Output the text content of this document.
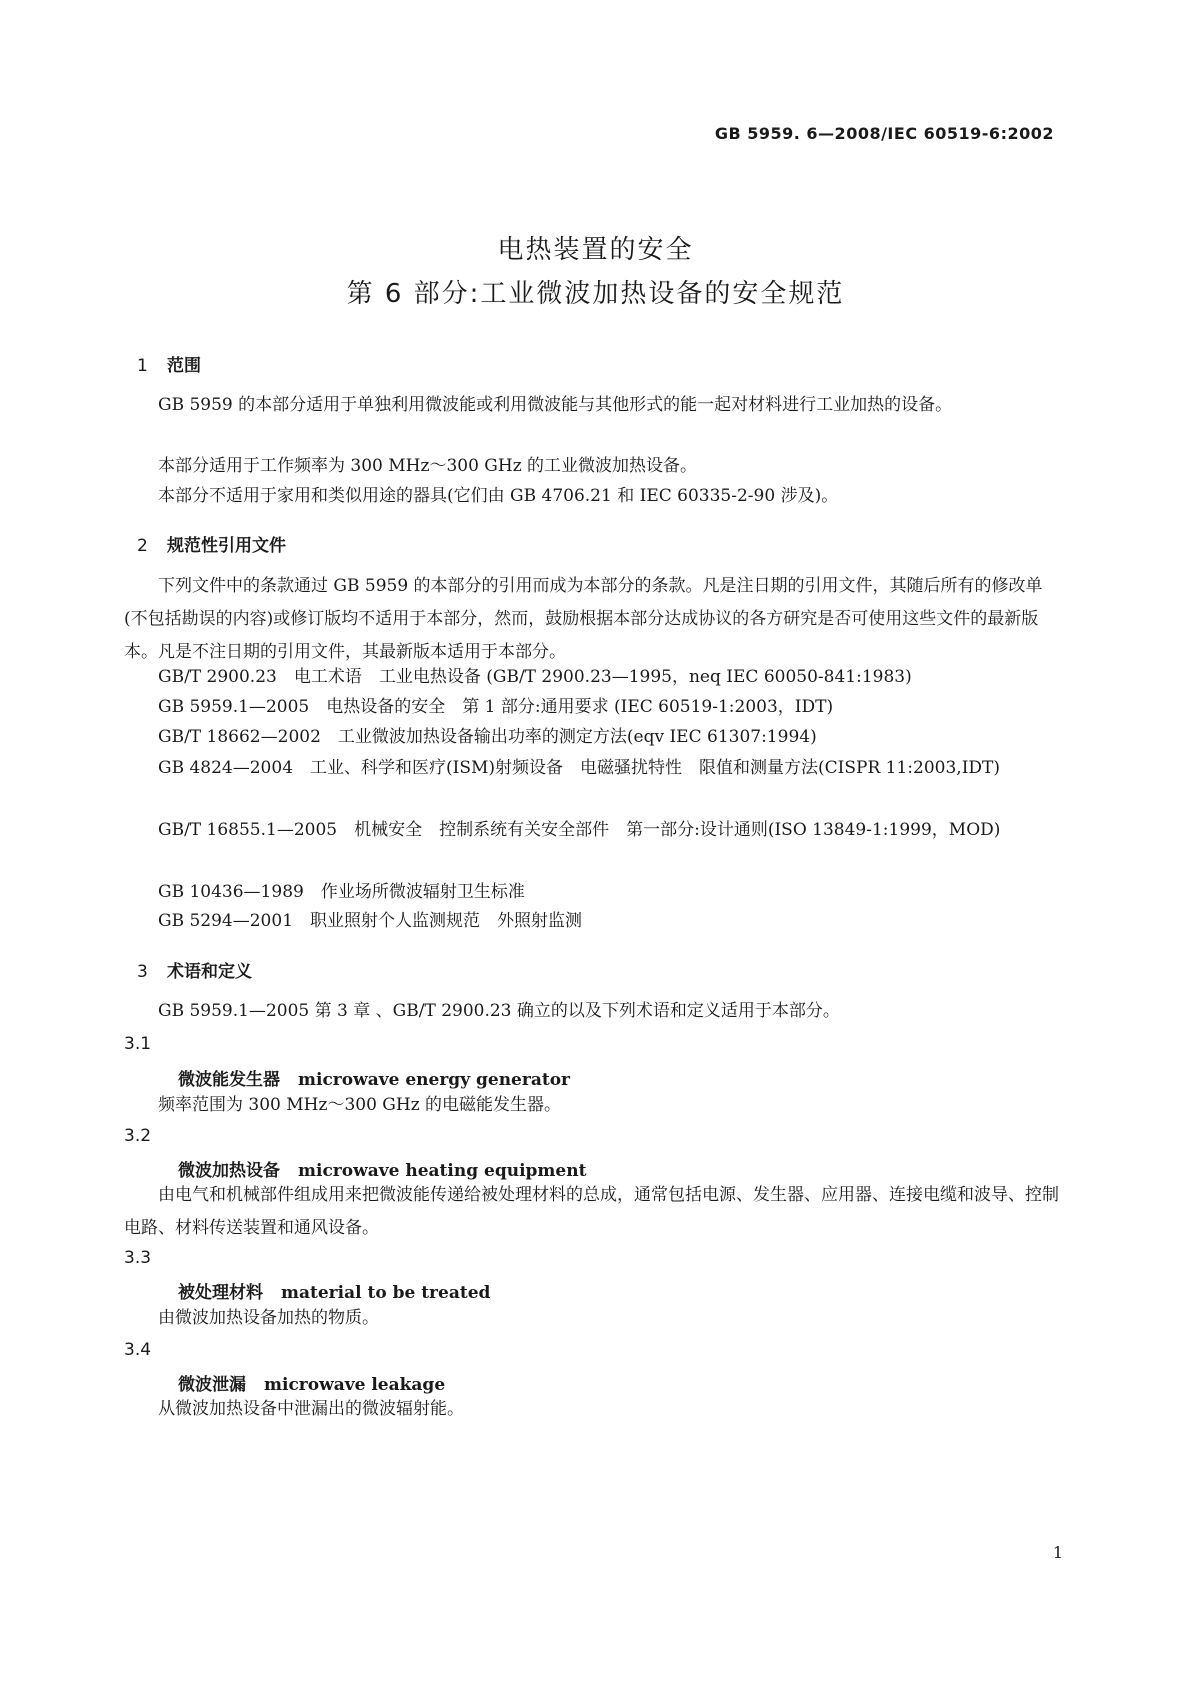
GB 5959. 6—2008/IEC 60519-6:2002
电热装置的安全
第 6 部分:工业微波加热设备的安全规范
1 范围

GB 5959 的本部分适用于单独利用微波能或利用微波能与其他形式的能一起对材料进行工业加热的设备。

本部分适用于工作频率为 300 MHz～300 GHz 的工业微波加热设备。

本部分不适用于家用和类似用途的器具(它们由 GB 4706.21 和 IEC 60335-2-90 涉及)。

2 规范性引用文件

下列文件中的条款通过 GB 5959 的本部分的引用而成为本部分的条款。凡是注日期的引用文件，其随后所有的修改单(不包括勘误的内容)或修订版均不适用于本部分，然而，鼓励根据本部分达成协议的各方研究是否可使用这些文件的最新版本。凡是不注日期的引用文件，其最新版本适用于本部分。

GB/T 2900.23　电工术语　工业电热设备 (GB/T 2900.23—1995，neq IEC 60050-841:1983)

GB 5959.1—2005　电热设备的安全　第 1 部分:通用要求 (IEC 60519-1:2003，IDT)

GB/T 18662—2002　工业微波加热设备输出功率的测定方法(eqv IEC 61307:1994)

GB 4824—2004　工业、科学和医疗(ISM)射频设备　电磁骚扰特性　限值和测量方法(CISPR 11:2003,IDT)

GB/T 16855.1—2005　机械安全　控制系统有关安全部件　第一部分:设计通则(ISO 13849-1:1999，MOD)

GB 10436—1989　作业场所微波辐射卫生标准

GB 5294—2001　职业照射个人监测规范　外照射监测

3 术语和定义

GB 5959.1—2005 第 3 章 、GB/T 2900.23 确立的以及下列术语和定义适用于本部分。

3.1
微波能发生器 microwave energy generator

频率范围为 300 MHz～300 GHz 的电磁能发生器。

3.2
微波加热设备 microwave heating equipment

由电气和机械部件组成用来把微波能传递给被处理材料的总成，通常包括电源、发生器、应用器、连接电缆和波导、控制电路、材料传送装置和通风设备。

3.3
被处理材料 material to be treated

由微波加热设备加热的物质。

3.4
微波泄漏 microwave leakage

从微波加热设备中泄漏出的微波辐射能。

1
